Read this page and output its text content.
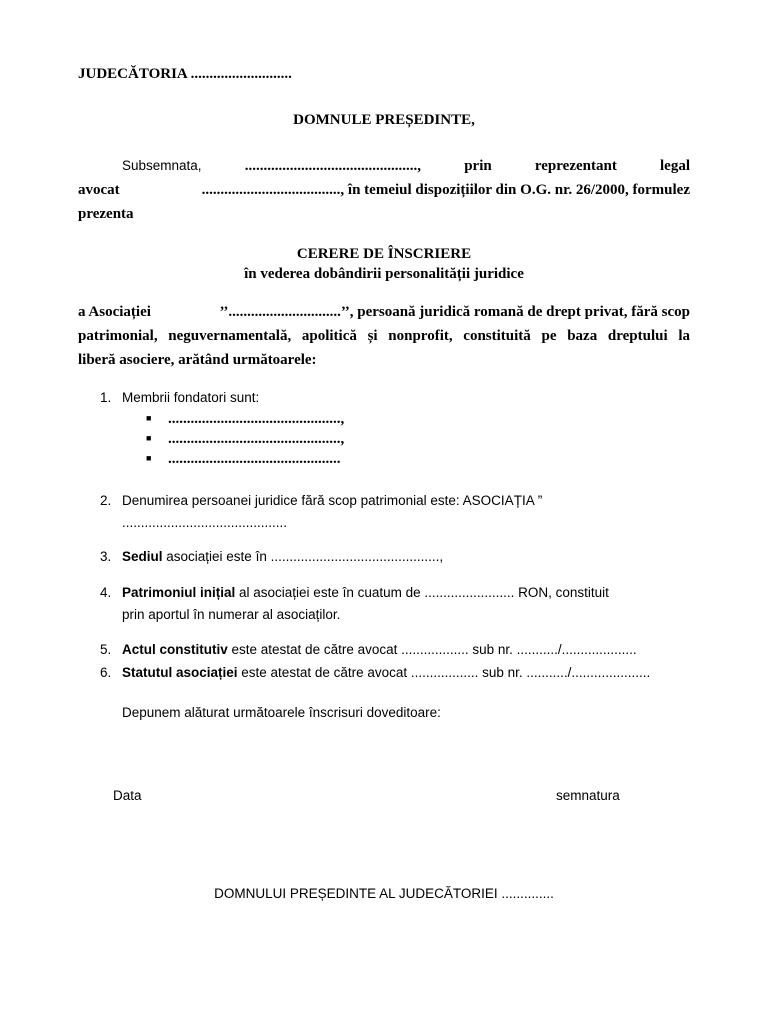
JUDECĂTORIA ...........................
DOMNULE PREȘEDINTE,
Subsemnata,	..............................................,	prin	reprezentant	legal
avocat	....................................., în temeiul dispozițiilor din O.G. nr. 26/2000, formulez
prezenta
CERERE DE ÎNSCRIERE
în vederea dobândirii personalității juridice
a Asociației	’’..............................’’, persoană juridică romană de drept privat, fără scop
patrimonial, neguvernamentală, apolitică și nonprofit, constituită pe baza dreptului la
liberă asociere, arătând următoarele:
1. Membrii fondatori sunt:
■ ..............................................,
■ ..............................................,
■ ..............................................
2. Denumirea persoanei juridice fără scop patrimonial este: ASOCIAȚIA ”
............................................
3. Sediul asociației este în .............................................,
4. Patrimoniul inițial al asociației este în cuatum de ........................ RON, constituit
prin aportul în numerar al asociaților.
5. Actul constitutiv este atestat de către avocat .................. sub nr. .........../....................
6. Statutul asociației este atestat de către avocat .................. sub nr. .........../.....................
Depunem alăturat următoarele înscrisuri doveditoare:
Data	semnatura
DOMNULUI PREȘEDINTE AL JUDECĂTORIEI ..............
